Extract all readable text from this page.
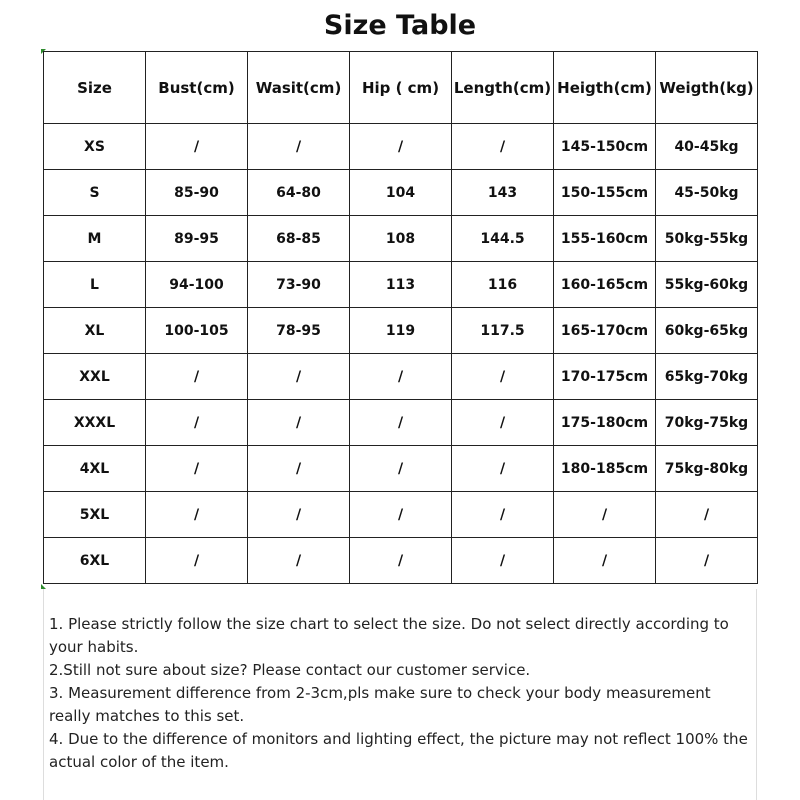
Size Table
Size	Bust(cm)	Wasit(cm)	Hip ( cm)	Length(cm)	Heigth(cm)	Weigth(kg)
XS	/	/	/	/	145-150cm	40-45kg
S	85-90	64-80	104	143	150-155cm	45-50kg
M	89-95	68-85	108	144.5	155-160cm	50kg-55kg
L	94-100	73-90	113	116	160-165cm	55kg-60kg
XL	100-105	78-95	119	117.5	165-170cm	60kg-65kg
XXL	/	/	/	/	170-175cm	65kg-70kg
XXXL	/	/	/	/	175-180cm	70kg-75kg
4XL	/	/	/	/	180-185cm	75kg-80kg
5XL	/	/	/	/	/	/
6XL	/	/	/	/	/	/

1. Please strictly follow the size chart to select the size. Do not select directly according to your habits.

2.Still not sure about size? Please contact our customer service.

3. Measurement difference from 2-3cm,pls make sure to check your body measurement really matches to this set.

4. Due to the difference of monitors and lighting effect, the picture may not reflect 100% the actual color of the item.
